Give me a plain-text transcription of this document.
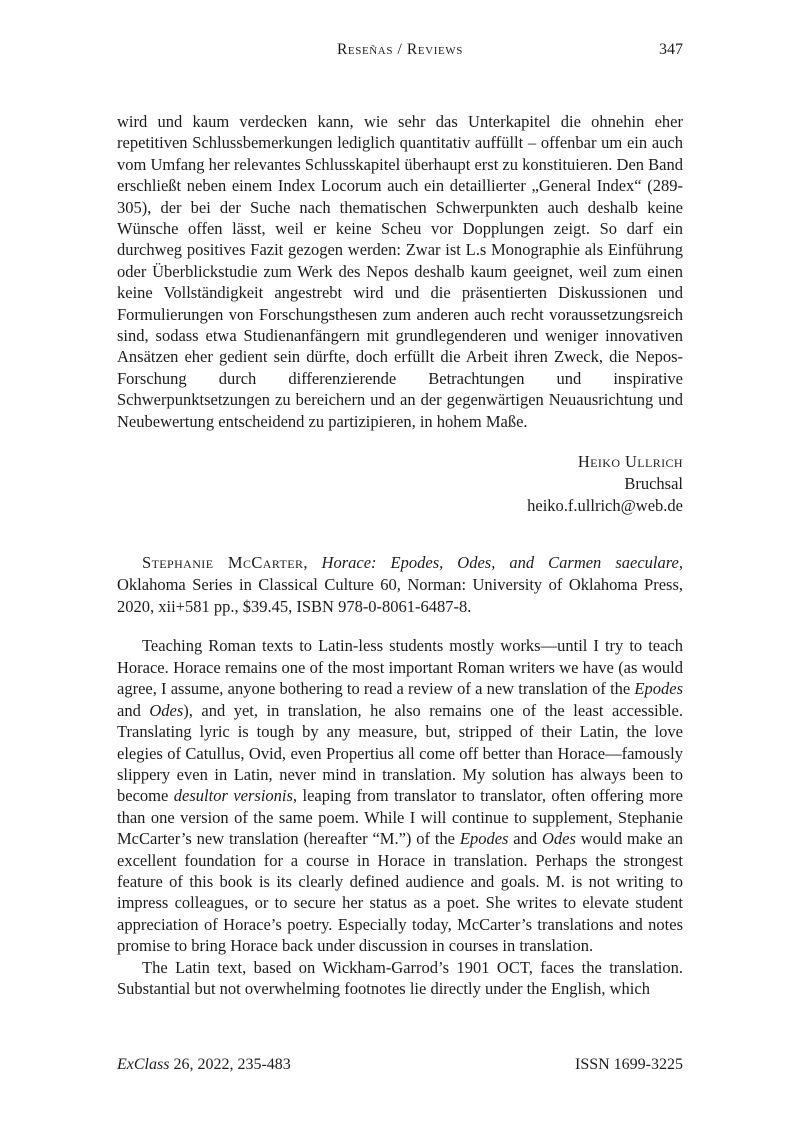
Reseñas / Reviews	347

wird und kaum verdecken kann, wie sehr das Unterkapitel die ohnehin eher repetitiven Schlussbemerkungen lediglich quantitativ auffüllt – offenbar um ein auch vom Umfang her relevantes Schlusskapitel überhaupt erst zu konstituieren. Den Band erschließt neben einem Index Locorum auch ein detaillierter „General Index“ (289-305), der bei der Suche nach thematischen Schwerpunkten auch deshalb keine Wünsche offen lässt, weil er keine Scheu vor Dopplungen zeigt. So darf ein durchweg positives Fazit gezogen werden: Zwar ist L.s Monographie als Einführung oder Überblickstudie zum Werk des Nepos deshalb kaum geeignet, weil zum einen keine Vollständigkeit angestrebt wird und die präsentierten Diskussionen und Formulierungen von Forschungsthesen zum anderen auch recht voraussetzungsreich sind, sodass etwa Studienanfängern mit grundlegenderen und weniger innovativen Ansätzen eher gedient sein dürfte, doch erfüllt die Arbeit ihren Zweck, die Nepos-Forschung durch differenzierende Betrachtungen und inspirative Schwerpunktsetzungen zu bereichern und an der gegenwärtigen Neuausrichtung und Neubewertung entscheidend zu partizipieren, in hohem Maße.

Heiko Ullrich
Bruchsal
heiko.f.ullrich@web.de

Stephanie McCarter, Horace: Epodes, Odes, and Carmen saeculare, Oklahoma Series in Classical Culture 60, Norman: University of Oklahoma Press, 2020, xii+581 pp., $39.45, ISBN 978-0-8061-6487-8.

Teaching Roman texts to Latin-less students mostly works—until I try to teach Horace. Horace remains one of the most important Roman writers we have (as would agree, I assume, anyone bothering to read a review of a new translation of the Epodes and Odes), and yet, in translation, he also remains one of the least accessible. Translating lyric is tough by any measure, but, stripped of their Latin, the love elegies of Catullus, Ovid, even Propertius all come off better than Horace—famously slippery even in Latin, never mind in translation. My solution has always been to become desultor versionis, leaping from translator to translator, often offering more than one version of the same poem. While I will continue to supplement, Stephanie McCarter’s new translation (hereafter “M.”) of the Epodes and Odes would make an excellent foundation for a course in Horace in translation. Perhaps the strongest feature of this book is its clearly defined audience and goals. M. is not writing to impress colleagues, or to secure her status as a poet. She writes to elevate student appreciation of Horace’s poetry. Especially today, McCarter’s translations and notes promise to bring Horace back under discussion in courses in translation.

The Latin text, based on Wickham-Garrod’s 1901 OCT, faces the translation. Substantial but not overwhelming footnotes lie directly under the English, which

ExClass 26, 2022, 235-483	ISSN 1699-3225
